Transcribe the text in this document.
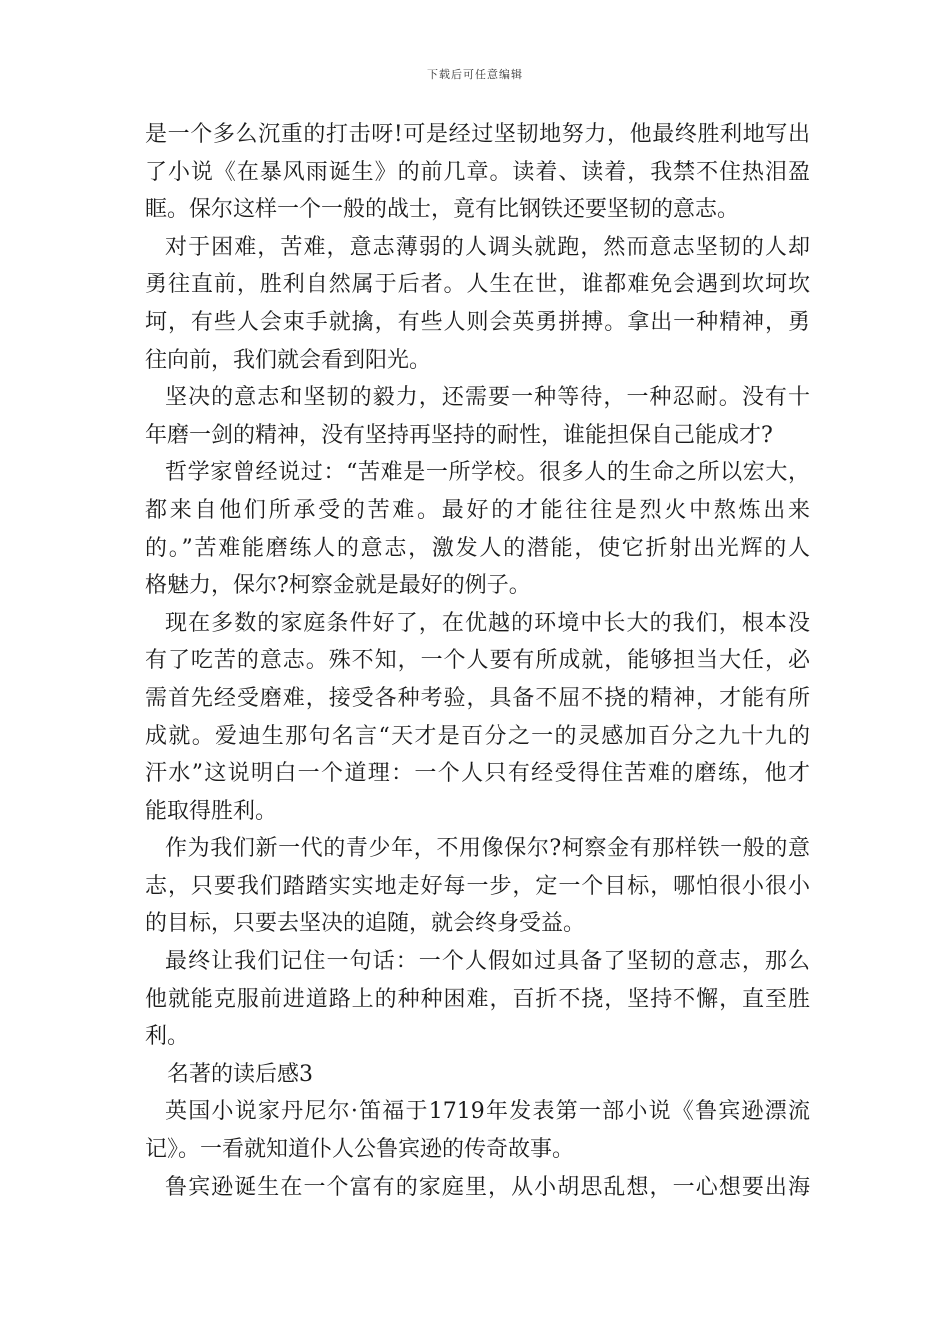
下载后可任意编辑
是一个多么沉重的打击呀!可是经过坚韧地努力，他最终胜利地写出
了小说《在暴风雨诞生》的前几章。读着、读着，我禁不住热泪盈
眶。保尔这样一个一般的战士，竟有比钢铁还要坚韧的意志。
对于困难，苦难，意志薄弱的人调头就跑，然而意志坚韧的人却
勇往直前，胜利自然属于后者。人生在世，谁都难免会遇到坎坷坎
坷，有些人会束手就擒，有些人则会英勇拼搏。拿出一种精神，勇
往向前，我们就会看到阳光。
坚决的意志和坚韧的毅力，还需要一种等待，一种忍耐。没有十
年磨一剑的精神，没有坚持再坚持的耐性，谁能担保自己能成才?
哲学家曾经说过：“苦难是一所学校。很多人的生命之所以宏大，
都来自他们所承受的苦难。最好的才能往往是烈火中熬炼出来
的。”苦难能磨练人的意志，激发人的潜能，使它折射出光辉的人
格魅力，保尔?柯察金就是最好的例子。
现在多数的家庭条件好了，在优越的环境中长大的我们，根本没
有了吃苦的意志。殊不知，一个人要有所成就，能够担当大任，必
需首先经受磨难，接受各种考验，具备不屈不挠的精神，才能有所
成就。爱迪生那句名言“天才是百分之一的灵感加百分之九十九的
汗水”这说明白一个道理：一个人只有经受得住苦难的磨练，他才
能取得胜利。
作为我们新一代的青少年，不用像保尔?柯察金有那样铁一般的意
志，只要我们踏踏实实地走好每一步，定一个目标，哪怕很小很小
的目标，只要去坚决的追随，就会终身受益。
最终让我们记住一句话：一个人假如过具备了坚韧的意志，那么
他就能克服前进道路上的种种困难，百折不挠，坚持不懈，直至胜
利。
名著的读后感3
英国小说家丹尼尔·笛福于1719年发表第一部小说《鲁宾逊漂流
记》。一看就知道仆人公鲁宾逊的传奇故事。
鲁宾逊诞生在一个富有的家庭里，从小胡思乱想，一心想要出海
